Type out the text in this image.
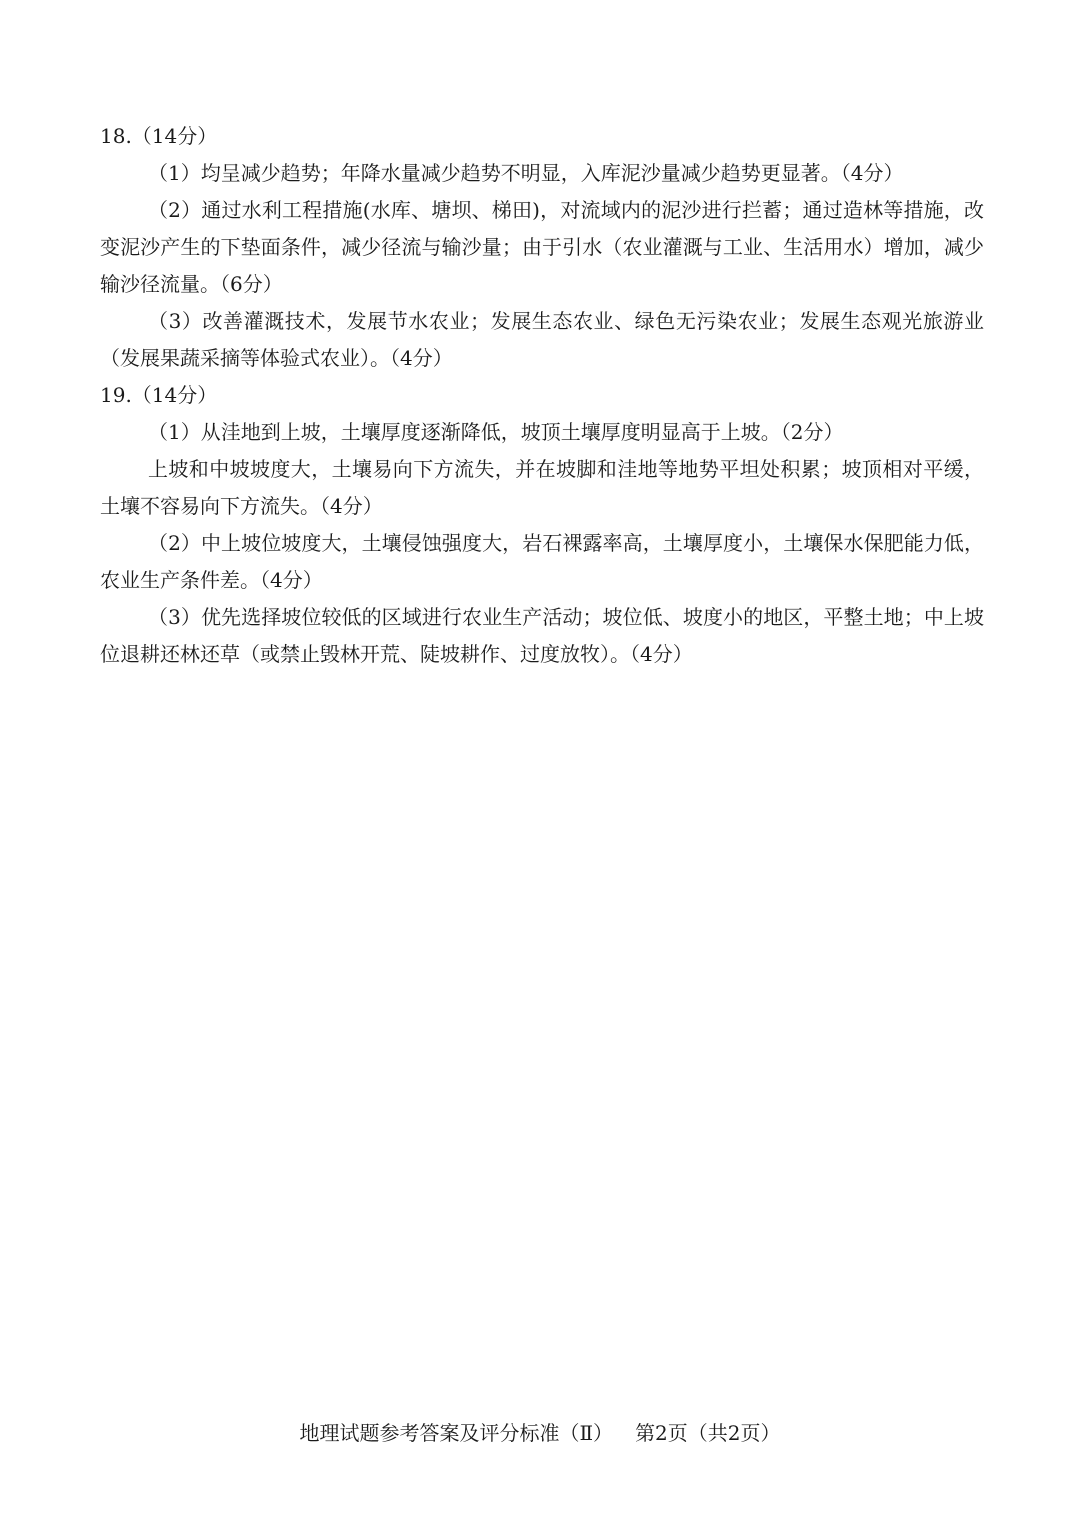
18.（14分）

（1）均呈减少趋势；年降水量减少趋势不明显，入库泥沙量减少趋势更显著。（4分）

（2）通过水利工程措施(水库、塘坝、梯田)，对流域内的泥沙进行拦蓄；通过造林等措施，改变泥沙产生的下垫面条件，减少径流与输沙量；由于引水（农业灌溉与工业、生活用水）增加，减少输沙径流量。（6分）

（3）改善灌溉技术，发展节水农业；发展生态农业、绿色无污染农业；发展生态观光旅游业（发展果蔬采摘等体验式农业）。（4分）

19.（14分）

（1）从洼地到上坡，土壤厚度逐渐降低，坡顶土壤厚度明显高于上坡。（2分）

上坡和中坡坡度大，土壤易向下方流失，并在坡脚和洼地等地势平坦处积累；坡顶相对平缓，土壤不容易向下方流失。（4分）

（2）中上坡位坡度大，土壤侵蚀强度大，岩石裸露率高，土壤厚度小，土壤保水保肥能力低，农业生产条件差。（4分）

（3）优先选择坡位较低的区域进行农业生产活动；坡位低、坡度小的地区，平整土地；中上坡位退耕还林还草（或禁止毁林开荒、陡坡耕作、过度放牧）。（4分）

地理试题参考答案及评分标准（Ⅱ） 第2页（共2页）
